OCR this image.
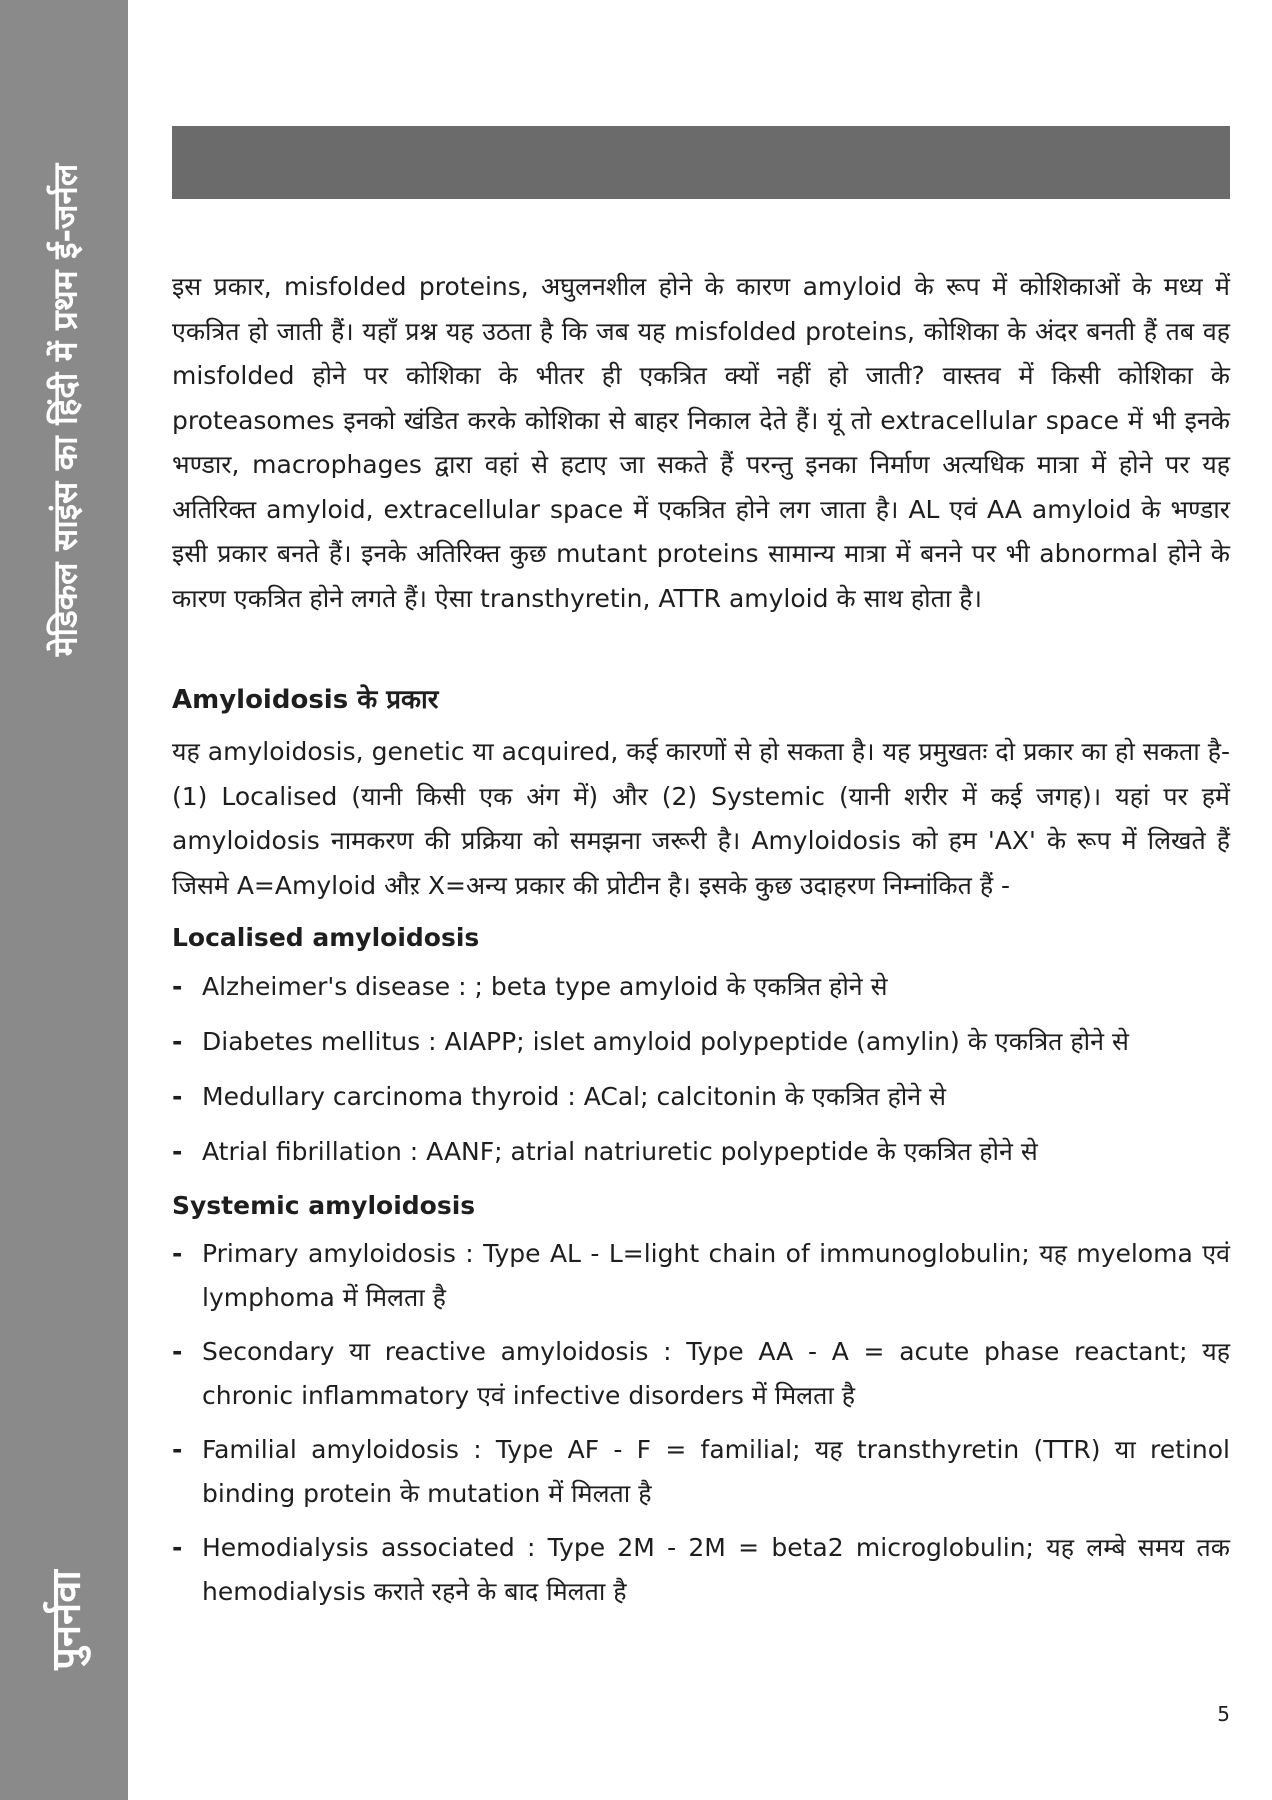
मेडिकल साइंस का हिंदी में प्रथम ई-जर्नल
पुनर्नवा

इस प्रकार, misfolded proteins, अघुलनशील होने के कारण amyloid के रूप में कोशिकाओं के मध्य में एकत्रित हो जाती हैं। यहाँ प्रश्न यह उठता है कि जब यह misfolded proteins, कोशिका के अंदर बनती हैं तब वह misfolded होने पर कोशिका के भीतर ही एकत्रित क्यों नहीं हो जाती? वास्तव में किसी कोशिका के proteasomes इनको खंडित करके कोशिका से बाहर निकाल देते हैं। यूं तो extracellular space में भी इनके भण्डार, macrophages द्वारा वहां से हटाए जा सकते हैं परन्तु इनका निर्माण अत्यधिक मात्रा में होने पर यह अतिरिक्त amyloid, extracellular space में एकत्रित होने लग जाता है। AL एवं AA amyloid के भण्डार इसी प्रकार बनते हैं। इनके अतिरिक्त कुछ mutant proteins सामान्य मात्रा में बनने पर भी abnormal होने के कारण एकत्रित होने लगते हैं। ऐसा transthyretin, ATTR amyloid के साथ होता है।

Amyloidosis के प्रकार

यह amyloidosis, genetic या acquired, कई कारणों से हो सकता है। यह प्रमुखतः दो प्रकार का हो सकता है- (1) Localised (यानी किसी एक अंग में) और (2) Systemic (यानी शरीर में कई जगह)। यहां पर हमें amyloidosis नामकरण की प्रक्रिया को समझना जरूरी है। Amyloidosis को हम 'AX' के रूप में लिखते हैं जिसमे A=Amyloid औऱ X=अन्य प्रकार की प्रोटीन है। इसके कुछ उदाहरण निम्नांकित हैं -

Localised amyloidosis
- Alzheimer's disease : ; beta type amyloid के एकत्रित होने से
- Diabetes mellitus : AIAPP; islet amyloid polypeptide (amylin) के एकत्रित होने से
- Medullary carcinoma thyroid : ACal; calcitonin के एकत्रित होने से
- Atrial fibrillation : AANF; atrial natriuretic polypeptide के एकत्रित होने से
Systemic amyloidosis
- Primary amyloidosis : Type AL - L=light chain of immunoglobulin; यह myeloma एवं lymphoma में मिलता है
- Secondary या reactive amyloidosis : Type AA - A = acute phase reactant; यह chronic inflammatory एवं infective disorders में मिलता है
- Familial amyloidosis : Type AF - F = familial; यह transthyretin (TTR) या retinol binding protein के mutation में मिलता है
- Hemodialysis associated : Type 2M - 2M = beta2 microglobulin; यह लम्बे समय तक hemodialysis कराते रहने के बाद मिलता है
5
